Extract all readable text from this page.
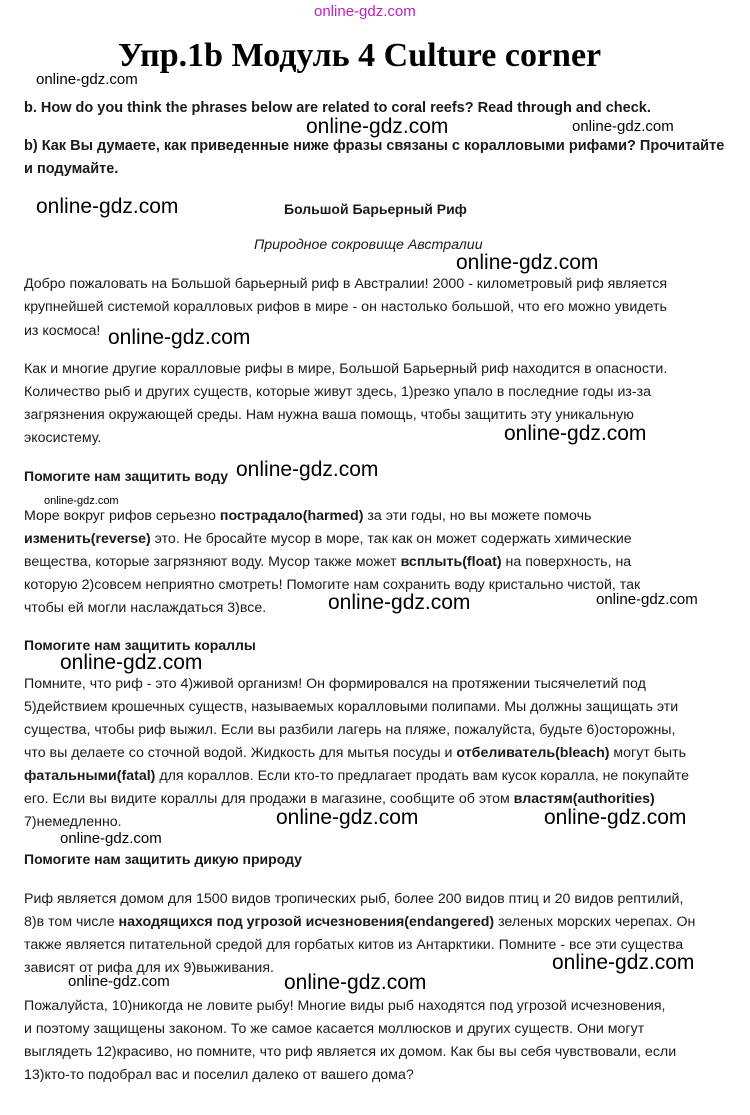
online-gdz.com
Упр.1b Модуль 4 Culture corner
online-gdz.com
online-gdz.com	online-gdz.com
online-gdz.com
online-gdz.com
online-gdz.com
online-gdz.com
online-gdz.com
online-gdz.com
online-gdz.com	online-gdz.com
online-gdz.com
online-gdz.com	online-gdz.com
online-gdz.com
online-gdz.com
online-gdz.com	online-gdz.com
b. How do you think the phrases below are related to coral reefs? Read through and check.
b) Как Вы думаете, как приведенные ниже фразы связаны с коралловыми рифами? Прочитайте
и подумайте.
Большой Барьерный Риф
Природное сокровище Австралии
Добро пожаловать на Большой барьерный риф в Австралии! 2000 - километровый риф является
крупнейшей системой коралловых рифов в мире - он настолько большой, что его можно увидеть
из космоса!
Как и многие другие коралловые рифы в мире, Большой Барьерный риф находится в опасности.
Количество рыб и других существ, которые живут здесь, 1)резко упало в последние годы из-за
загрязнения окружающей среды. Нам нужна ваша помощь, чтобы защитить эту уникальную
экосистему.
Помогите нам защитить воду
Море вокруг рифов серьезно пострадало(harmed) за эти годы, но вы можете помочь
изменить(reverse) это. Не бросайте мусор в море, так как он может содержать химические
вещества, которые загрязняют воду. Мусор также может всплыть(float) на поверхность, на
которую 2)совсем неприятно смотреть! Помогите нам сохранить воду кристально чистой, так
чтобы ей могли наслаждаться 3)все.
Помогите нам защитить кораллы
Помните, что риф - это 4)живой организм! Он формировался на протяжении тысячелетий под
5)действием крошечных существ, называемых коралловыми полипами. Мы должны защищать эти
существа, чтобы риф выжил. Если вы разбили лагерь на пляже, пожалуйста, будьте 6)осторожны,
что вы делаете со сточной водой. Жидкость для мытья посуды и отбеливатель(bleach) могут быть
фатальными(fatal) для кораллов. Если кто-то предлагает продать вам кусок коралла, не покупайте
его. Если вы видите кораллы для продажи в магазине, сообщите об этом властям(authorities)
7)немедленно.
Помогите нам защитить дикую природу
Риф является домом для 1500 видов тропических рыб, более 200 видов птиц и 20 видов рептилий,
8)в том числе находящихся под угрозой исчезновения(endangered) зеленых морских черепах. Он
также является питательной средой для горбатых китов из Антарктики. Помните - все эти существа
зависят от рифа для их 9)выживания.
Пожалуйста, 10)никогда не ловите рыбу! Многие виды рыб находятся под угрозой исчезновения,
и поэтому защищены законом. То же самое касается моллюсков и других существ. Они могут
выглядеть 12)красиво, но помните, что риф является их домом. Как бы вы себя чувствовали, если
13)кто-то подобрал вас и поселил далеко от вашего дома?
